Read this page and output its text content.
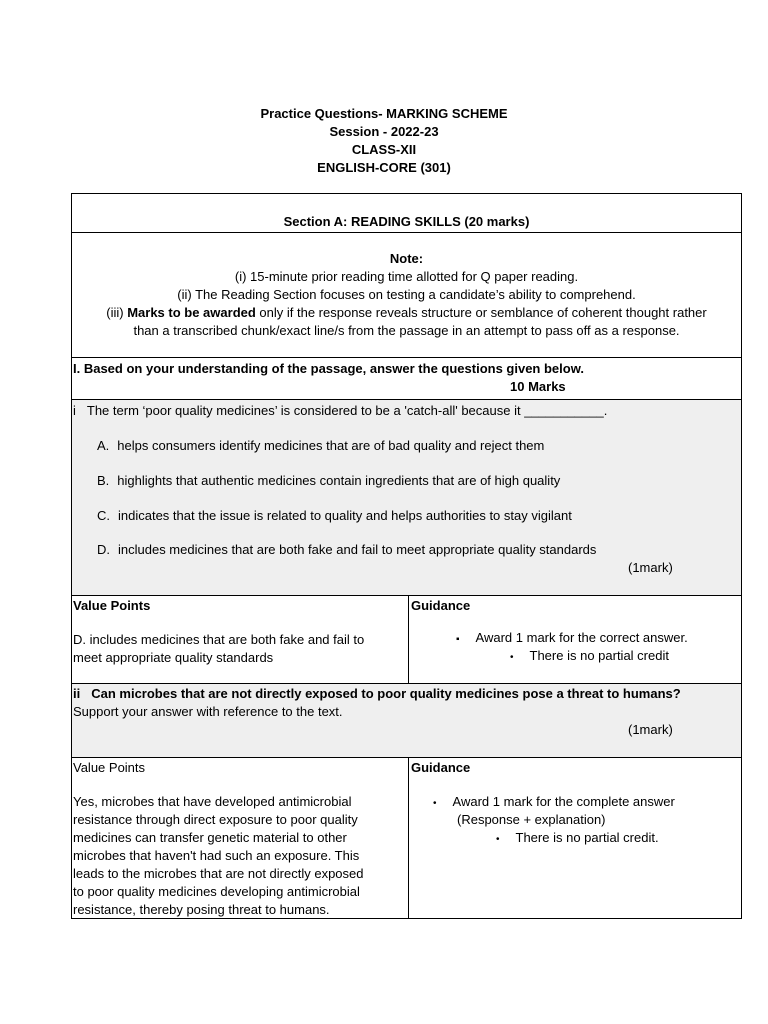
Practice Questions- MARKING SCHEME
Session - 2022-23
CLASS-XII
ENGLISH-CORE (301)
Section A: READING SKILLS (20 marks)
Note:
(i) 15-minute prior reading time allotted for Q paper reading.
(ii) The Reading Section focuses on testing a candidate’s ability to comprehend.
(iii) Marks to be awarded only if the response reveals structure or semblance of coherent thought rather
than a transcribed chunk/exact line/s from the passage in an attempt to pass off as a response.
I. Based on your understanding of the passage, answer the questions given below.
10 Marks
i The term ‘poor quality medicines’ is considered to be a 'catch-all' because it ___________.
A. helps consumers identify medicines that are of bad quality and reject them
B. highlights that authentic medicines contain ingredients that are of high quality
C. indicates that the issue is related to quality and helps authorities to stay vigilant
D. includes medicines that are both fake and fail to meet appropriate quality standards
(1mark)
Value Points
D. includes medicines that are both fake and fail to
meet appropriate quality standards
Guidance
▪ Award 1 mark for the correct answer.
• There is no partial credit
ii Can microbes that are not directly exposed to poor quality medicines pose a threat to humans?
Support your answer with reference to the text.
(1mark)
Value Points
Yes, microbes that have developed antimicrobial
resistance through direct exposure to poor quality
medicines can transfer genetic material to other
microbes that haven't had such an exposure. This
leads to the microbes that are not directly exposed
to poor quality medicines developing antimicrobial
resistance, thereby posing threat to humans.
Guidance
• Award 1 mark for the complete answer
(Response + explanation)
• There is no partial credit.
